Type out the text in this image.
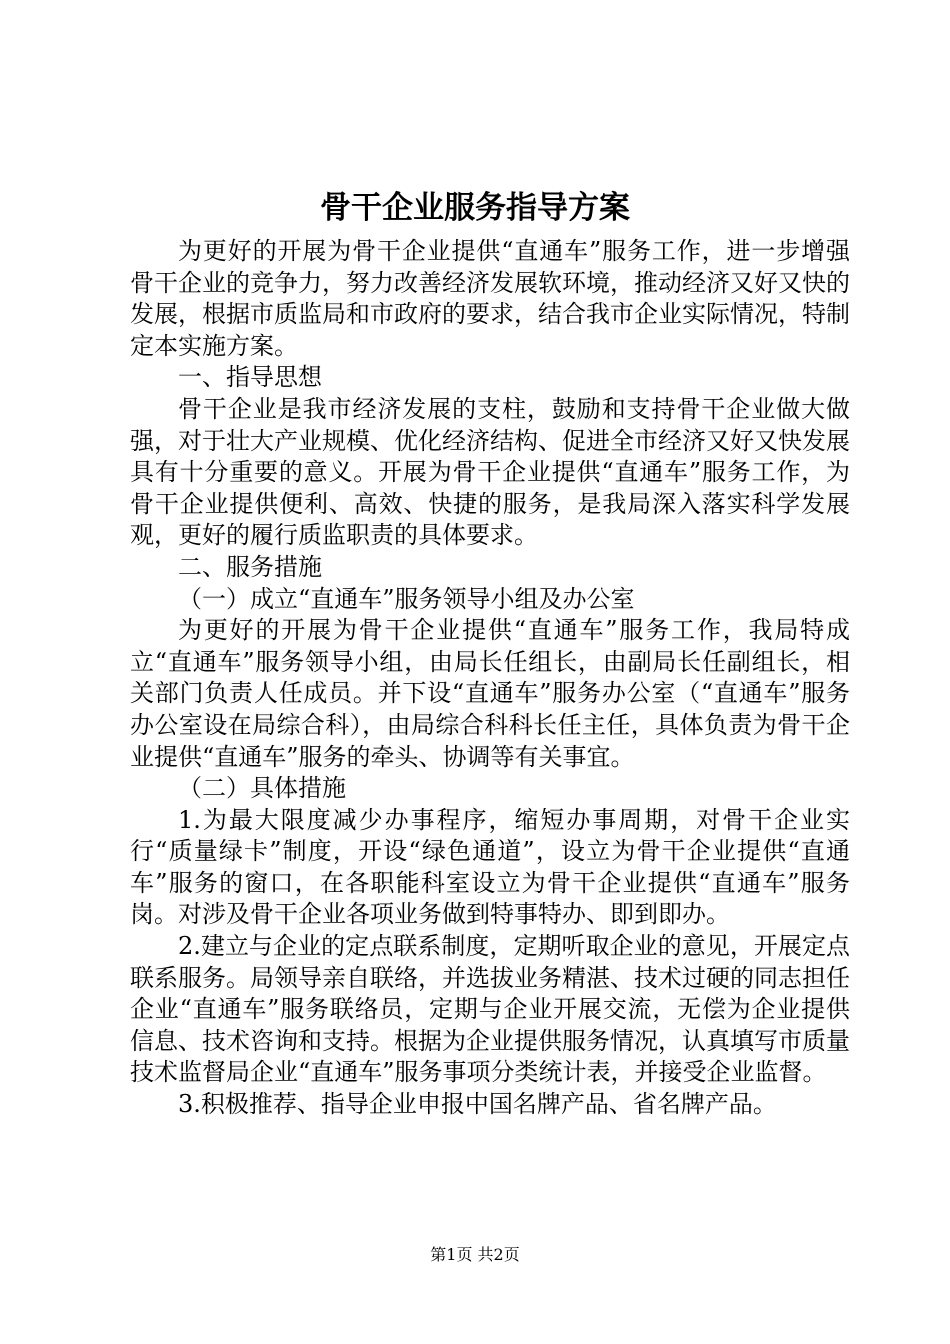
骨干企业服务指导方案

为更好的开展为骨干企业提供“直通车”服务工作，进一步增强骨干企业的竞争力，努力改善经济发展软环境，推动经济又好又快的发展，根据市质监局和市政府的要求，结合我市企业实际情况，特制定本实施方案。

一、指导思想

骨干企业是我市经济发展的支柱，鼓励和支持骨干企业做大做强，对于壮大产业规模、优化经济结构、促进全市经济又好又快发展具有十分重要的意义。开展为骨干企业提供“直通车”服务工作，为骨干企业提供便利、高效、快捷的服务，是我局深入落实科学发展观，更好的履行质监职责的具体要求。

二、服务措施

（一）成立“直通车”服务领导小组及办公室

为更好的开展为骨干企业提供“直通车”服务工作，我局特成立“直通车”服务领导小组，由局长任组长，由副局长任副组长，相关部门负责人任成员。并下设“直通车”服务办公室（“直通车”服务办公室设在局综合科），由局综合科科长任主任，具体负责为骨干企业提供“直通车”服务的牵头、协调等有关事宜。

（二）具体措施

1.为最大限度减少办事程序，缩短办事周期，对骨干企业实行“质量绿卡”制度，开设“绿色通道”，设立为骨干企业提供“直通车”服务的窗口，在各职能科室设立为骨干企业提供“直通车”服务岗。对涉及骨干企业各项业务做到特事特办、即到即办。

2.建立与企业的定点联系制度，定期听取企业的意见，开展定点联系服务。局领导亲自联络，并选拔业务精湛、技术过硬的同志担任企业“直通车”服务联络员，定期与企业开展交流，无偿为企业提供信息、技术咨询和支持。根据为企业提供服务情况，认真填写市质量技术监督局企业“直通车”服务事项分类统计表，并接受企业监督。

3.积极推荐、指导企业申报中国名牌产品、省名牌产品。

第1页 共2页
